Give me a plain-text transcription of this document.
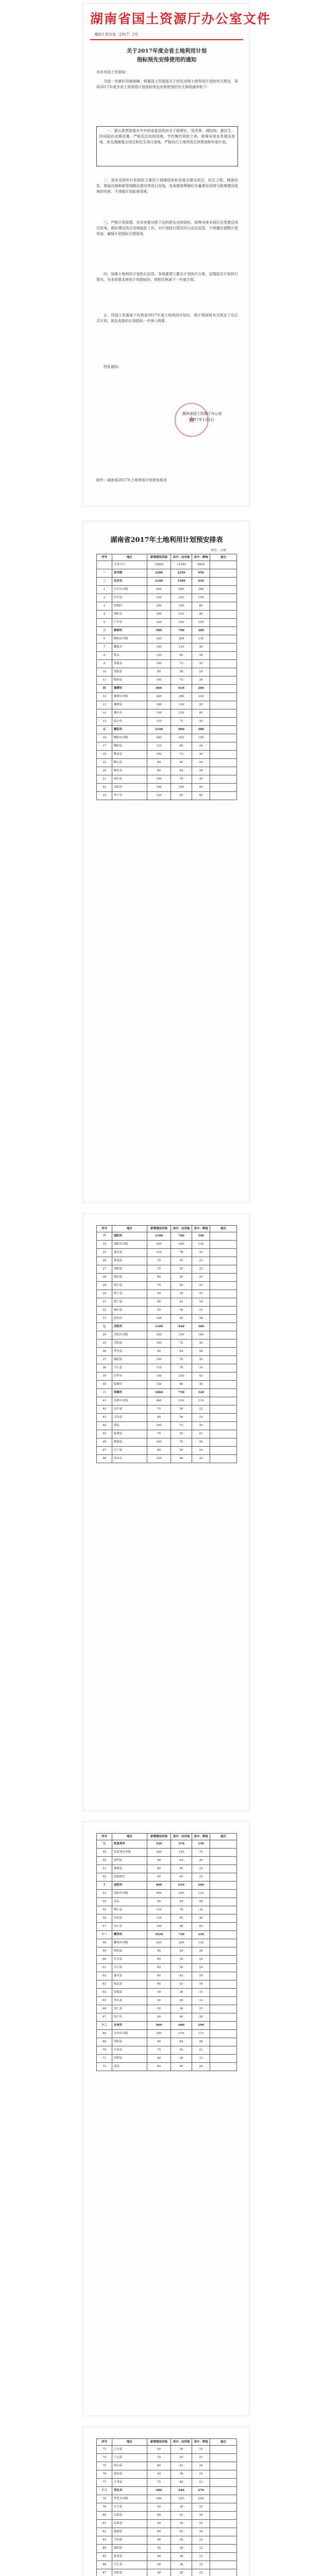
湖南省国土资源厅办公室文件
湘国土资办发〔2017〕2号
关于2017年度全省土地利用计划
指标预先安排使用的通知
各市州国土资源局：
为进一步做好用地保障，根据国土资源部关于预先安排土地利用计划的有关规定，现将2017年度全省土地利用计划指标预先安排使用的有关事项通知如下：
一、要认真贯彻落实中央和省委省政府关于稳增长、促改革、调结构、惠民生、防风险的决策部署，严格依法依规用地，节约集约利用土地，统筹安排各类建设用地，优先保障重点项目和民生项目用地，严格执行土地利用总体规划和年度计划。
二、预先安排的计划指标主要用于保障国家和省重点建设项目、民生工程、精准扶贫、基础设施和新型城镇化建设等项目用地。各地要统筹做好存量建设用地与新增建设用地的安排，不得超计划批准用地。
三、严格计划管理。各市州要对照下达的预先安排指标，统筹安排本地区各类建设项目用地，做好建设项目用地报批工作。对计划执行情况实行动态监管，不得擅自调整计划用途，确保计划指标合理使用。
四、加强土地利用计划执行监管。各地要建立健全计划执行台账，定期报告计划执行情况，对未按要求使用计划指标的，将相应核减下一年度计划。
五、待国土资源部下达我省2017年度土地利用计划后，我厅将按照有关规定下达正式计划，预先安排的计划指标一并纳入核算。
特此通知。
★
湖南省国土资源厅办公室
2017年1月3日
附件：湖南省2017年土地利用计划预安排表
湖南省2017年土地利用计划预安排表
单位：公顷
序号	地区	新增建设用地	其中：农用地	其中：耕地	备注
	全省合计	15800	11200	4800	
一	省本级	3200	2250	950	
二	长沙市	2100	1500	650	
1	长沙市本级	900	640	280	
2	长沙县	320	230	100	
3	望城区	260	190	80	
4	浏阳市	300	210	90	
5	宁乡市	320	230	100	
三	株洲市	980	700	300	
6	株洲市本级	420	300	130	
7	醴陵市	160	110	50	
8	攸县	120	85	38	
9	茶陵县	100	72	30	
10	炎陵县	80	58	24	
11	株洲县	100	75	28	
四	湘潭市	860	610	260	
12	湘潭市本级	420	300	130	
13	湘潭县	180	130	55	
14	湘乡市	150	105	45	
15	韶山市	110	75	30	
五	衡阳市	1240	880	380	
16	衡阳市本级	500	355	150	
17	衡阳县	110	80	34	
18	衡南县	100	72	30	
19	衡山县	80	56	24	
20	衡东县	90	64	28	
21	祁东县	100	70	30	
22	耒阳市	140	100	44	
23	常宁市	120	85	40	
序号	地区	新增建设用地	其中：农用地	其中：耕地	备注
六	邵阳市	1100	780	340	
24	邵阳市本级	420	300	130	
25	邵东县	110	78	34	
26	新邵县	70	50	22	
27	邵阳县	70	50	22	
28	隆回县	80	56	24	
29	洞口县	70	50	22	
30	绥宁县	50	36	15	
31	新宁县	60	42	18	
32	城步县	50	36	15	
33	武冈市	120	82	38	
七	岳阳市	1180	840	360	
34	岳阳市本级	520	370	160	
35	岳阳县	100	72	30	
36	华容县	90	64	28	
37	湘阴县	100	70	30	
38	平江县	110	78	34	
39	汨罗市	140	100	42	
40	临湘市	120	86	36	
八	常德市	1060	750	320	
41	常德市本级	440	310	135	
42	安乡县	70	50	22	
43	汉寿县	80	56	24	
44	澧县	100	72	30	
45	临澧县	70	50	21	
46	桃源县	100	70	30	
47	石门县	80	56	24	
48	津市市	120	86	34	
序号	地区	新增建设用地	其中：农用地	其中：耕地	备注
九	张家界市	520	370	150	
49	张家界市本级	260	185	75	
50	慈利县	90	64	26	
51	桑植县	80	56	24	
52	武陵源区	90	65	25	
十	益阳市	860	610	260	
53	益阳市本级	400	285	120	
54	南县	90	64	28	
55	桃江县	110	78	34	
56	安化县	120	85	36	
57	沅江市	140	98	42	
十一	郴州市	1020	720	310	
58	郴州市本级	420	300	128	
59	桂阳县	90	64	28	
60	宜章县	80	56	24	
61	永兴县	80	56	24	
62	嘉禾县	60	42	18	
63	临武县	60	42	18	
64	汝城县	50	36	15	
65	桂东县	40	28	12	
66	安仁县	50	36	15	
67	资兴市	90	60	28	
十二	永州市	960	680	290	
68	永州市本级	380	270	115	
69	祁阳县	90	64	28	
70	东安县	70	50	21	
71	双牌县	40	28	12	
72	道县	80	56	24	
序号	地区	新增建设用地	其中：农用地	其中：耕地	备注
73	江永县	50	36	15	
74	宁远县	70	50	21	
75	蓝山县	60	42	18	
76	新田县	50	36	15	
77	江华县	70	48	21	
十三	怀化市	900	640	270	
78	怀化市本级	360	255	108	
79	中方县	50	36	15	
80	沅陵县	60	42	18	
81	辰溪县	50	36	15	
82	溆浦县	60	42	18	
83	会同县	40	28	12	
84	麻阳县	40	28	12	
85	新晃县	40	28	12	
86	芷江县	50	36	15	
87	靖州县	40	28	12	
